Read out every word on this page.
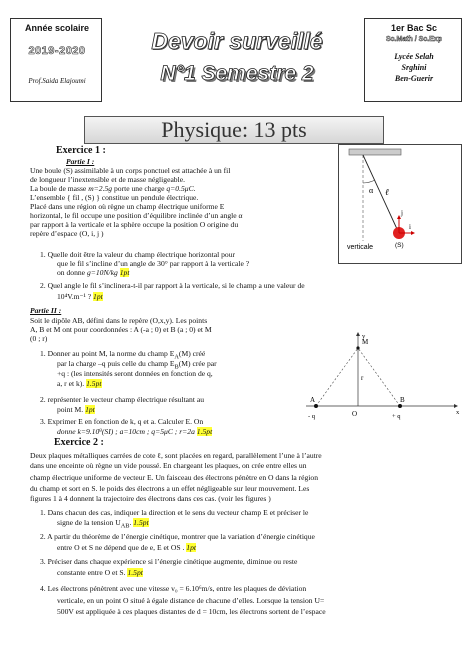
Année scolaire
2019-2020
Prof.Saida Elajoumi
Devoir surveillé
N°1 Semestre 2
1er Bac Sc
Sc.Math / Sc.Exp
Lycée Selah
Srghini
Ben-Guerir
Physique: 13 pts
Exercice 1 :
Partie I :
Une boule (S) assimilable à un corps ponctuel est attachée à un fil
de longueur l’inextensible et de masse négligeable.
La boule de masse m=2.5g porte une charge q=0.5μC.
L’ensemble { fil , (S) } constitue un pendule électrique.
Placé dans une région où règne un champ électrique uniforme E
horizontal, le fil occupe une position d’équilibre inclinée d’un angle α
par rapport à la verticale et la sphère occupe la position O origine du
repère d’espace (O, i, j )
1. Quelle doit être la valeur du champ électrique horizontal pour
que le fil s’incline d’un angle de 30° par rapport à la verticale ?
on donne g=10N/kg 1pt
2. Quel angle le fil s’inclinera-t-il par rapport à la verticale, si le champ a une valeur de
10⁴V.m⁻¹ ? 1pt
Partie II :
Soit le dipôle AB, défini dans le repère (O,x,y). Les points
A, B et M ont pour coordonnées : A (-a ; 0) et B (a ; 0) et M
(0 ; r)
1. Donner au point M, la norme du champ $E_A(M)$ créé
par la charge –q puis celle du champ $E_B(M)$ crée par
+q : (les intensités seront données en fonction de q,
a, r et k). 1.5pt
2. représenter le vecteur champ électrique résultant au
point M. 1pt
3. Exprimer E en fonction de k, q et a. Calculer E. On
donne k=9.10⁹(SI) ; a=10cm ; q=5μC ; r=2a 1.5pt
Exercice 2 :
Deux plaques métalliques carrées de cote ℓ, sont placées en regard, parallèlement l’une à l’autre
dans une enceinte où règne un vide poussé. En chargeant les plaques, on crée entre elles un
champ électrique uniforme de vecteur E. Un faisceau des électrons pénètre en O dans la région
du champ et sort en S. le poids des électrons a un effet négligeable sur leur mouvement. Les
figures 1 à 4 donnent la trajectoire des électrons dans ces cas. (voir les figures )
1. Dans chacun des cas, indiquer la direction et le sens du vecteur champ E et préciser le
signe de la tension $U_{AB}$. 1.5pt
2. A partir du théorème de l’énergie cinétique, montrer que la variation d’énergie cinétique
entre O et S ne dépend que de e, E et OS . 1pt
3. Préciser dans chaque expérience si l’énergie cinétique augmente, diminue ou reste
constante entre O et S. 1.5pt
4. Les électrons pénètrent avec une vitesse v₀ = 6.10⁶m/s, entre les plaques de déviation
verticale, en un point O situé à égale distance de chacune d’elles. Lorsque la tension U=
500V est appliquée à ces plaques distantes de d = 10cm, les électrons sortent de l’espace
α ℓ
j
i
verticale	(S)
M
A	B
O
r
y
x
- q	+ q
